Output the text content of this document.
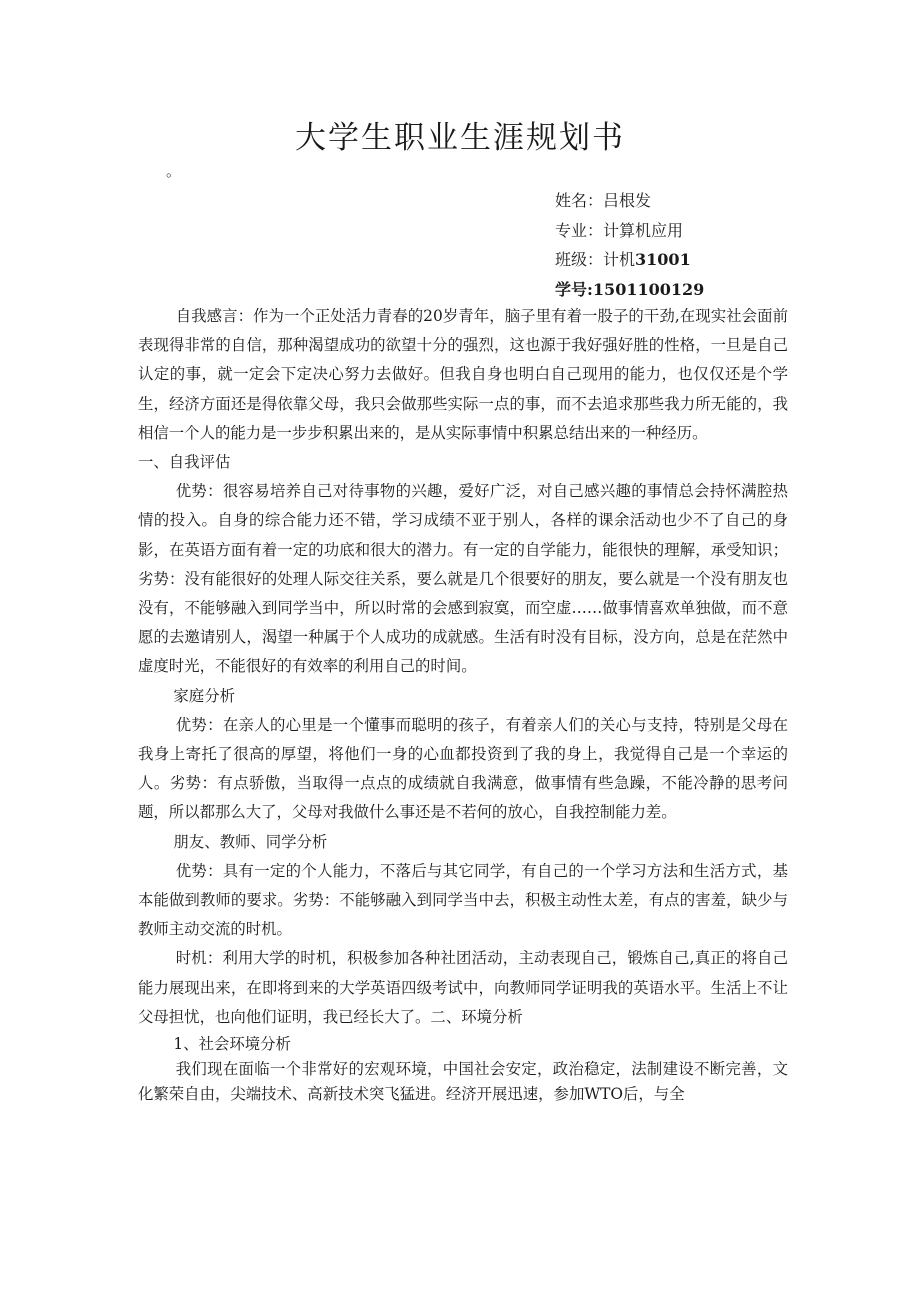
大学生职业生涯规划书
。
姓名：吕根发
专业：计算机应用
班级：计机31001
学号:1501100129

自我感言：作为一个正处活力青春的20岁青年，脑子里有着一股子的干劲,在现实社会面前表现得非常的自信，那种渴望成功的欲望十分的强烈，这也源于我好强好胜的性格，一旦是自己认定的事，就一定会下定决心努力去做好。但我自身也明白自己现用的能力，也仅仅还是个学生，经济方面还是得依靠父母，我只会做那些实际一点的事，而不去追求那些我力所无能的，我相信一个人的能力是一步步积累出来的，是从实际事情中积累总结出来的一种经历。

一、自我评估

优势：很容易培养自己对待事物的兴趣，爱好广泛，对自己感兴趣的事情总会持怀满腔热情的投入。自身的综合能力还不错，学习成绩不亚于别人，各样的课余活动也少不了自己的身影，在英语方面有着一定的功底和很大的潜力。有一定的自学能力，能很快的理解，承受知识；劣势：没有能很好的处理人际交往关系，要么就是几个很要好的朋友，要么就是一个没有朋友也没有，不能够融入到同学当中，所以时常的会感到寂寞，而空虚……做事情喜欢单独做，而不意愿的去邀请别人，渴望一种属于个人成功的成就感。生活有时没有目标，没方向，总是在茫然中虚度时光，不能很好的有效率的利用自己的时间。

家庭分析

优势：在亲人的心里是一个懂事而聪明的孩子，有着亲人们的关心与支持，特别是父母在我身上寄托了很高的厚望，将他们一身的心血都投资到了我的身上，我觉得自己是一个幸运的人。劣势：有点骄傲，当取得一点点的成绩就自我满意，做事情有些急躁，不能冷静的思考问题，所以都那么大了，父母对我做什么事还是不若何的放心，自我控制能力差。

朋友、教师、同学分析

优势：具有一定的个人能力，不落后与其它同学，有自己的一个学习方法和生活方式，基本能做到教师的要求。劣势：不能够融入到同学当中去，积极主动性太差，有点的害羞，缺少与教师主动交流的时机。

时机：利用大学的时机，积极参加各种社团活动，主动表现自己，锻炼自己,真正的将自己能力展现出来，在即将到来的大学英语四级考试中，向教师同学证明我的英语水平。生活上不让父母担忧，也向他们证明，我已经长大了。二、环境分析

1、社会环境分析

我们现在面临一个非常好的宏观环境，中国社会安定，政治稳定，法制建设不断完善，文化繁荣自由，尖端技术、高新技术突飞猛进。经济开展迅速，参加WTO后，与全
